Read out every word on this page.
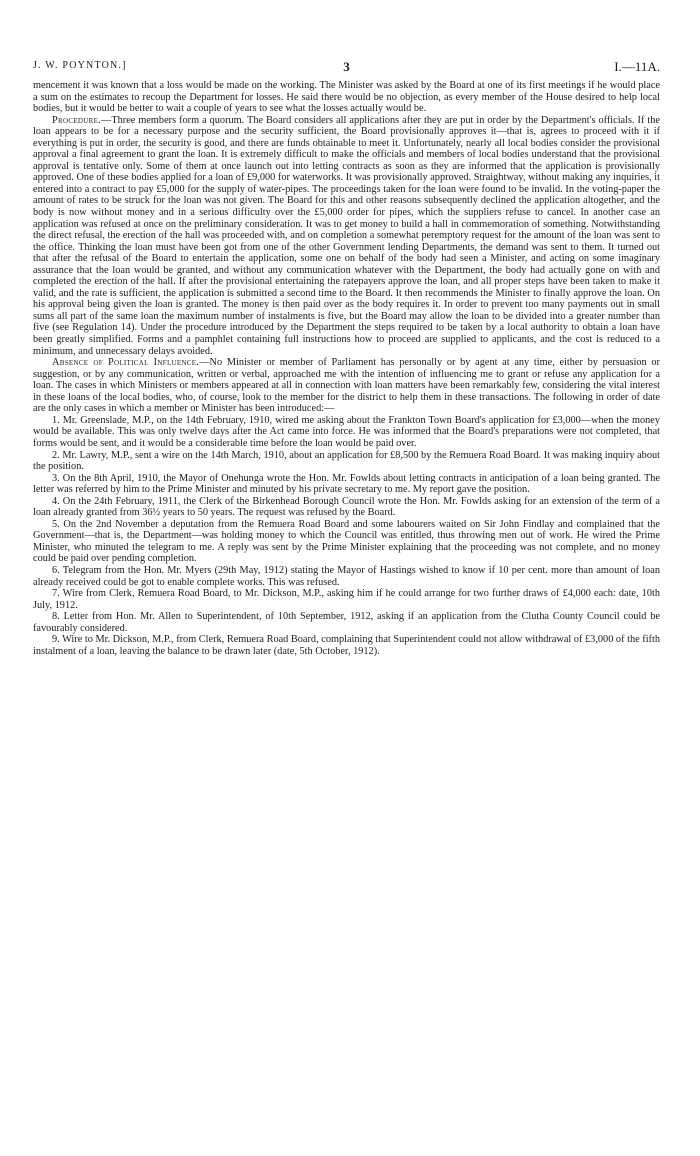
J. W. POYNTON.]	3	I.—11A.

mencement it was known that a loss would be made on the working. The Minister was asked by the Board at one of its first meetings if he would place a sum on the estimates to recoup the Department for losses. He said there would be no objection, as every member of the House desired to help local bodies, but it would be better to wait a couple of years to see what the losses actually would be.

Procedure.—Three members form a quorum. The Board considers all applications after they are put in order by the Department's officials. If the loan appears to be for a necessary purpose and the security sufficient, the Board provisionally approves it—that is, agrees to proceed with it if everything is put in order, the security is good, and there are funds obtainable to meet it. Unfortunately, nearly all local bodies consider the provisional approval a final agreement to grant the loan. It is extremely difficult to make the officials and members of local bodies understand that the provisional approval is tentative only. Some of them at once launch out into letting contracts as soon as they are informed that the application is provisionally approved. One of these bodies applied for a loan of £9,000 for waterworks. It was provisionally approved. Straightway, without making any inquiries, it entered into a contract to pay £5,000 for the supply of water-pipes. The proceedings taken for the loan were found to be invalid. In the voting-paper the amount of rates to be struck for the loan was not given. The Board for this and other reasons subsequently declined the application altogether, and the body is now without money and in a serious difficulty over the £5,000 order for pipes, which the suppliers refuse to cancel. In another case an application was refused at once on the preliminary consideration. It was to get money to build a hall in commemoration of something. Notwithstanding the direct refusal, the erection of the hall was proceeded with, and on completion a somewhat peremptory request for the amount of the loan was sent to the office. Thinking the loan must have been got from one of the other Government lending Departments, the demand was sent to them. It turned out that after the refusal of the Board to entertain the application, some one on behalf of the body had seen a Minister, and acting on some imaginary assurance that the loan would be granted, and without any communication whatever with the Department, the body had actually gone on with and completed the erection of the hall. If after the provisional entertaining the ratepayers approve the loan, and all proper steps have been taken to make it valid, and the rate is sufficient, the application is submitted a second time to the Board. It then recommends the Minister to finally approve the loan. On his approval being given the loan is granted. The money is then paid over as the body requires it. In order to prevent too many payments out in small sums all part of the same loan the maximum number of instalments is five, but the Board may allow the loan to be divided into a greater number than five (see Regulation 14). Under the procedure introduced by the Department the steps required to be taken by a local authority to obtain a loan have been greatly simplified. Forms and a pamphlet containing full instructions how to proceed are supplied to applicants, and the cost is reduced to a minimum, and unnecessary delays avoided.

Absence of Political Influence.—No Minister or member of Parliament has personally or by agent at any time, either by persuasion or suggestion, or by any communication, written or verbal, approached me with the intention of influencing me to grant or refuse any application for a loan. The cases in which Ministers or members appeared at all in connection with loan matters have been remarkably few, considering the vital interest in these loans of the local bodies, who, of course, look to the member for the district to help them in these transactions. The following in order of date are the only cases in which a member or Minister has been introduced:—

1. Mr. Greenslade, M.P., on the 14th February, 1910, wired me asking about the Frankton Town Board's application for £3,000—when the money would be available. This was only twelve days after the Act came into force. He was informed that the Board's preparations were not completed, that forms would be sent, and it would be a considerable time before the loan would be paid over.

2. Mr. Lawry, M.P., sent a wire on the 14th March, 1910, about an application for £8,500 by the Remuera Road Board. It was making inquiry about the position.

3. On the 8th April, 1910, the Mayor of Onehunga wrote the Hon. Mr. Fowlds about letting contracts in anticipation of a loan being granted. The letter was referred by him to the Prime Minister and minuted by his private secretary to me. My report gave the position.

4. On the 24th February, 1911, the Clerk of the Birkenhead Borough Council wrote the Hon. Mr. Fowlds asking for an extension of the term of a loan already granted from 36½ years to 50 years. The request was refused by the Board.

5. On the 2nd November a deputation from the Remuera Road Board and some labourers waited on Sir John Findlay and complained that the Government—that is, the Department—was holding money to which the Council was entitled, thus throwing men out of work. He wired the Prime Minister, who minuted the telegram to me. A reply was sent by the Prime Minister explaining that the proceeding was not complete, and no money could be paid over pending completion.

6. Telegram from the Hon. Mr. Myers (29th May, 1912) stating the Mayor of Hastings wished to know if 10 per cent. more than amount of loan already received could be got to enable complete works. This was refused.

7. Wire from Clerk, Remuera Road Board, to Mr. Dickson, M.P., asking him if he could arrange for two further draws of £4,000 each: date, 10th July, 1912.

8. Letter from Hon. Mr. Allen to Superintendent, of 10th September, 1912, asking if an application from the Clutha County Council could be favourably considered.

9. Wire to Mr. Dickson, M.P., from Clerk, Remuera Road Board, complaining that Superintendent could not allow withdrawal of £3,000 of the fifth instalment of a loan, leaving the balance to be drawn later (date, 5th October, 1912).
